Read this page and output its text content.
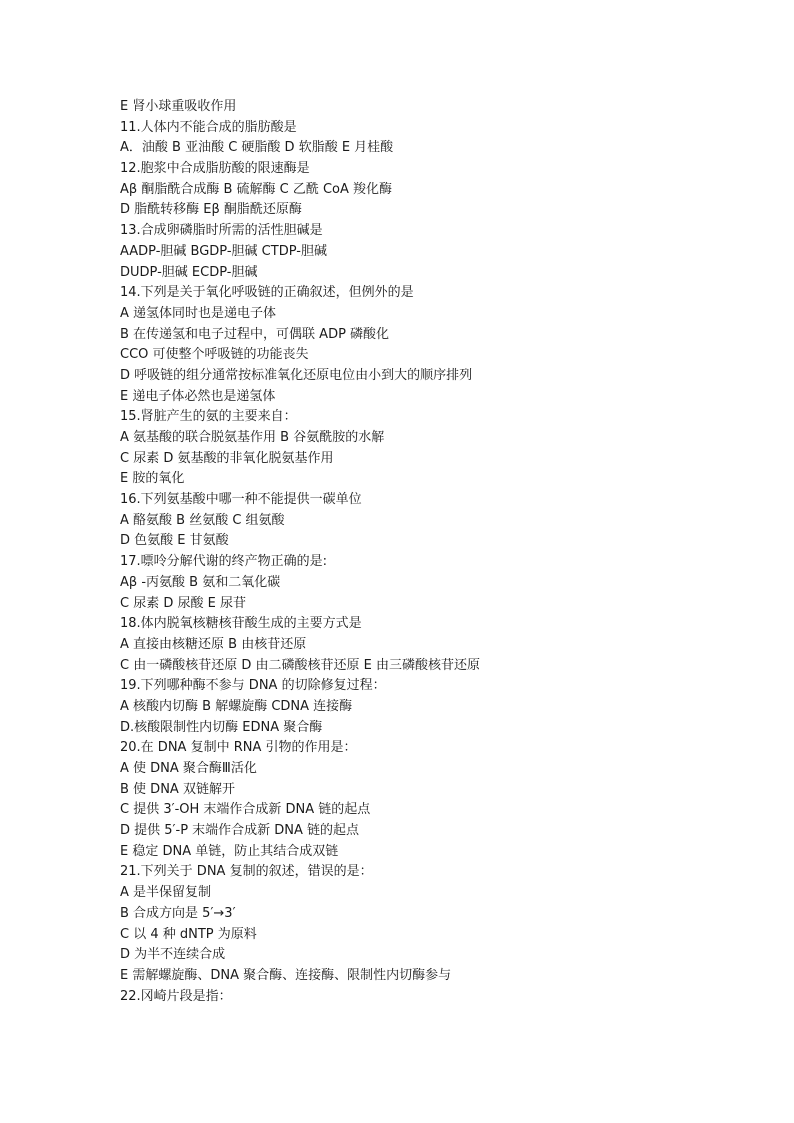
E 肾小球重吸收作用
11.人体内不能合成的脂肪酸是
A．油酸 B 亚油酸 C 硬脂酸 D 软脂酸 E 月桂酸
12.胞浆中合成脂肪酸的限速酶是
Aβ 酮脂酰合成酶 B 硫解酶 C 乙酰 CoA 羧化酶
D 脂酰转移酶 Eβ 酮脂酰还原酶
13.合成卵磷脂时所需的活性胆碱是
AADP-胆碱 BGDP-胆碱 CTDP-胆碱
DUDP-胆碱 ECDP-胆碱
14.下列是关于氧化呼吸链的正确叙述，但例外的是
A 递氢体同时也是递电子体
B 在传递氢和电子过程中，可偶联 ADP 磷酸化
CCO 可使整个呼吸链的功能丧失
D 呼吸链的组分通常按标准氧化还原电位由小到大的顺序排列
E 递电子体必然也是递氢体
15.肾脏产生的氨的主要来自：
A 氨基酸的联合脱氨基作用 B 谷氨酰胺的水解
C 尿素 D 氨基酸的非氧化脱氨基作用
E 胺的氧化
16.下列氨基酸中哪一种不能提供一碳单位
A 酪氨酸 B 丝氨酸 C 组氨酸
D 色氨酸 E 甘氨酸
17.嘌呤分解代谢的终产物正确的是:
Aβ -丙氨酸 B 氨和二氧化碳
C 尿素 D 尿酸 E 尿苷
18.体内脱氧核糖核苷酸生成的主要方式是
A 直接由核糖还原 B 由核苷还原
C 由一磷酸核苷还原 D 由二磷酸核苷还原 E 由三磷酸核苷还原
19.下列哪种酶不参与 DNA 的切除修复过程：
A 核酸内切酶 B 解螺旋酶 CDNA 连接酶
D.核酸限制性内切酶 EDNA 聚合酶
20.在 DNA 复制中 RNA 引物的作用是：
A 使 DNA 聚合酶Ⅲ活化
B 使 DNA 双链解开
C 提供 3′-OH 末端作合成新 DNA 链的起点
D 提供 5′-P 末端作合成新 DNA 链的起点
E 稳定 DNA 单链，防止其结合成双链
21.下列关于 DNA 复制的叙述，错误的是：
A 是半保留复制
B 合成方向是 5′→3′
C 以 4 种 dNTP 为原料
D 为半不连续合成
E 需解螺旋酶、DNA 聚合酶、连接酶、限制性内切酶参与
22.冈崎片段是指：
